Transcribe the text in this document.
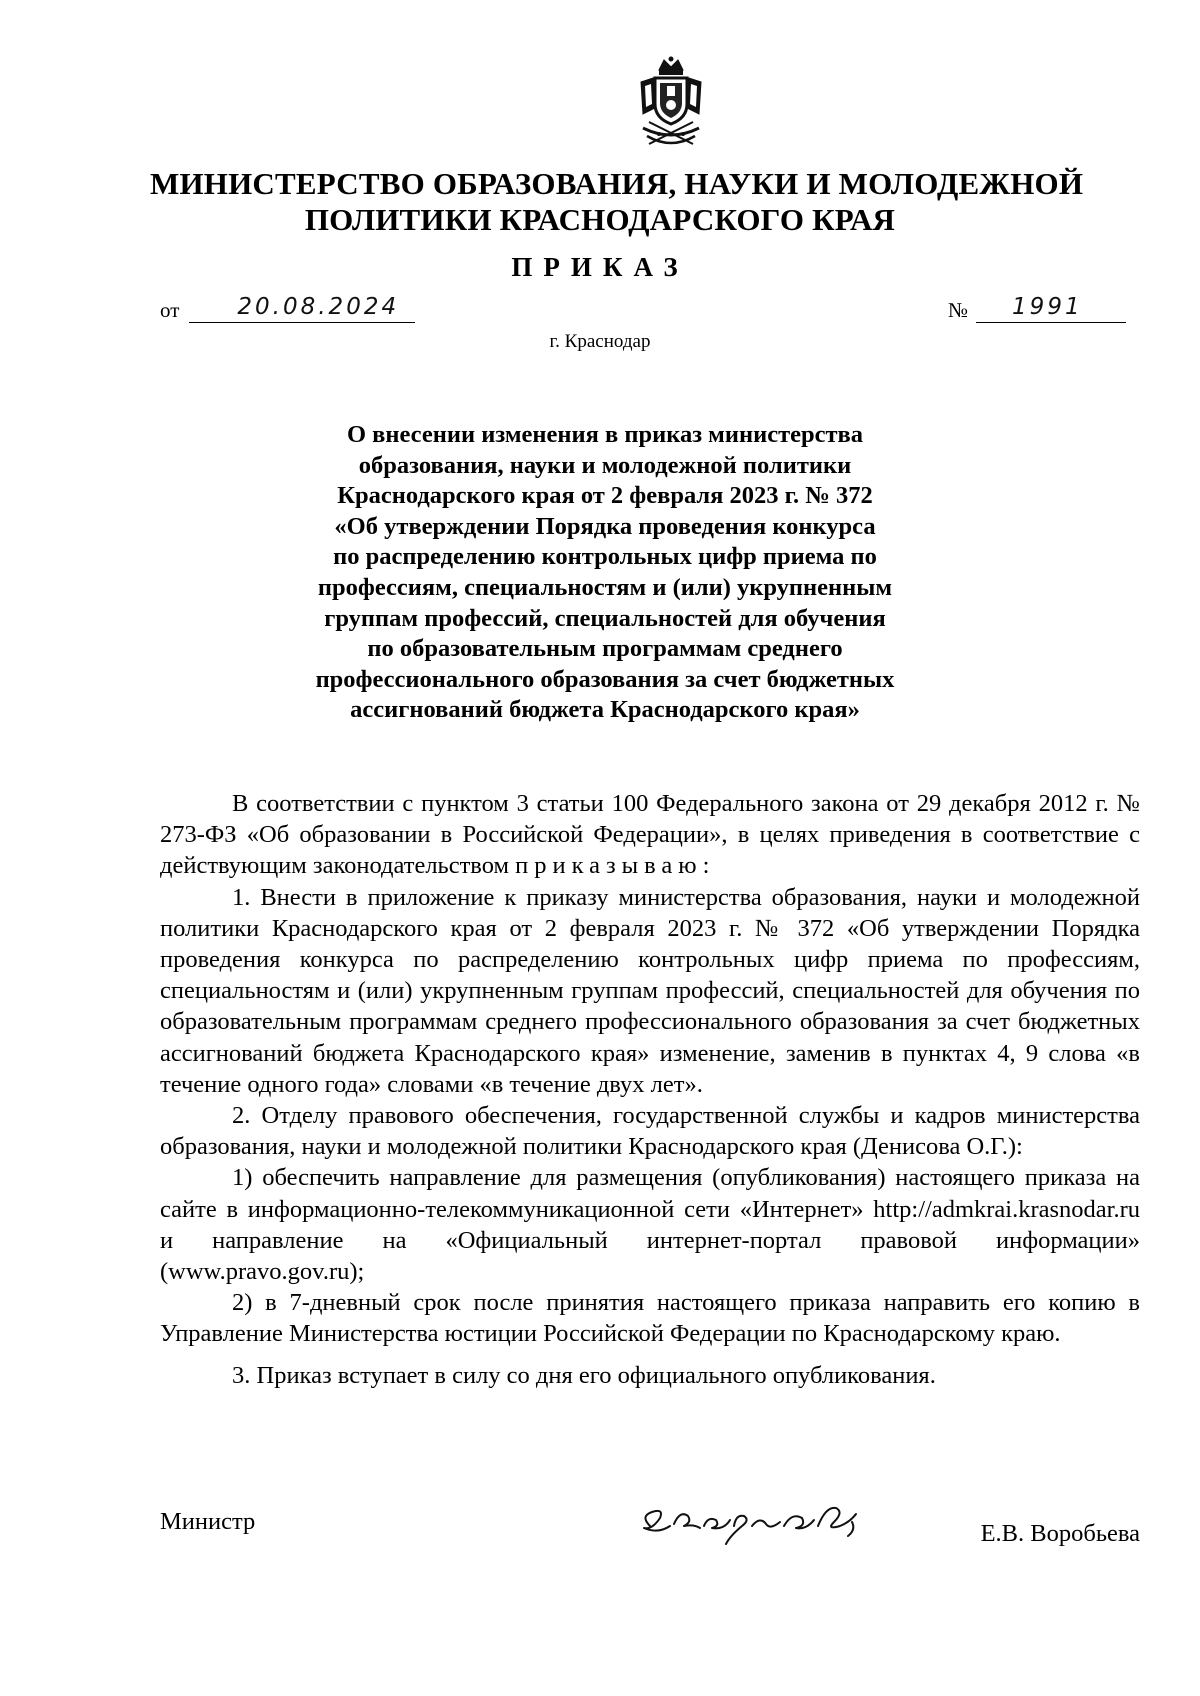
МИНИСТЕРСТВО ОБРАЗОВАНИЯ, НАУКИ И МОЛОДЕЖНОЙ
ПОЛИТИКИ КРАСНОДАРСКОГО КРАЯ
ПРИКАЗ
от	20.08.2024	№ 1991
г. Краснодар
О внесении изменения в приказ министерства
образования, науки и молодежной политики
Краснодарского края от 2 февраля 2023 г. № 372
«Об утверждении Порядка проведения конкурса
по распределению контрольных цифр приема по
профессиям, специальностям и (или) укрупненным
группам профессий, специальностей для обучения
по образовательным программам среднего
профессионального образования за счет бюджетных
ассигнований бюджета Краснодарского края»

В соответствии с пунктом 3 статьи 100 Федерального закона от 29 декабря 2012 г. № 273-ФЗ «Об образовании в Российской Федерации», в целях приведения в соответствие с действующим законодательством приказываю:

1. Внести в приложение к приказу министерства образования, науки и молодежной политики Краснодарского края от 2 февраля 2023 г. № 372 «Об утверждении Порядка проведения конкурса по распределению контрольных цифр приема по профессиям, специальностям и (или) укрупненным группам профессий, специальностей для обучения по образовательным программам среднего профессионального образования за счет бюджетных ассигнований бюджета Краснодарского края» изменение, заменив в пунктах 4, 9 слова «в течение одного года» словами «в течение двух лет».

2. Отделу правового обеспечения, государственной службы и кадров министерства образования, науки и молодежной политики Краснодарского края (Денисова О.Г.):

1) обеспечить направление для размещения (опубликования) настоящего приказа на сайте в информационно-телекоммуникационной сети «Интернет» http://admkrai.krasnodar.ru и направление на «Официальный интернет-портал правовой информации» (www.pravo.gov.ru);

2) в 7-дневный срок после принятия настоящего приказа направить его копию в Управление Министерства юстиции Российской Федерации по Краснодарскому краю.

3. Приказ вступает в силу со дня его официального опубликования.

Министр	Е.В. Воробьева
